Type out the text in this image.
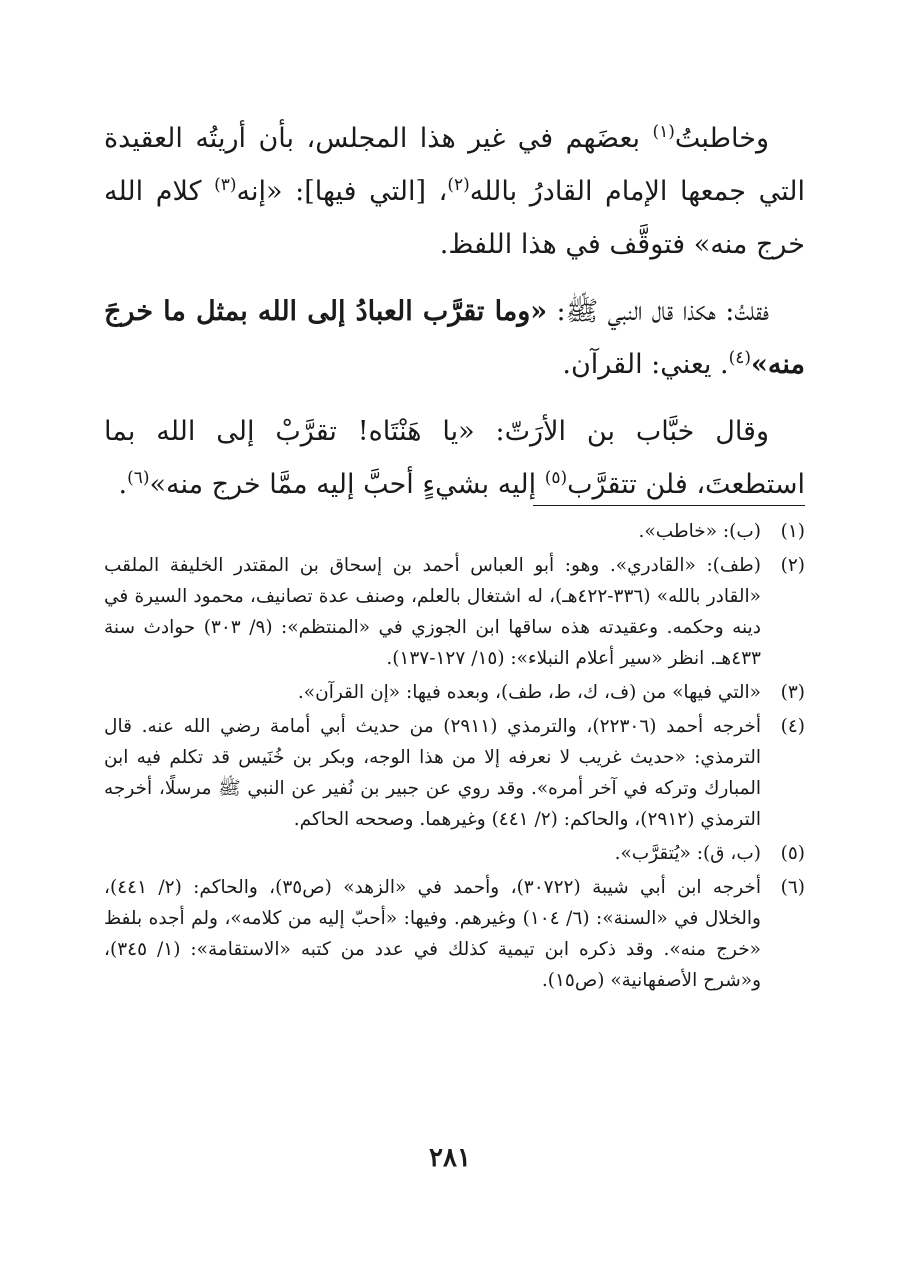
وخاطبتُ$^{(١)}$ بعضَهم في غير هذا المجلس، بأن أريتُه العقيدة التي جمعها الإمام القادرُ بالله$^{(٢)}$، [التي فيها]: «إنه$^{(٣)}$ كلام الله خرج منه» فتوقَّف في هذا اللفظ.

فقلتُ: هكذا قال النبي ﷺ: «وما تقرَّب العبادُ إلى الله بمثل ما خرجَ منه»$^{(٤)}$. يعني: القرآن.

وقال خبَّاب بن الأرَتّ: «يا هَنْتَاه! تقرَّبْ إلى الله بما استطعتَ، فلن تتقرَّب$^{(٥)}$ إليه بشيءٍ أحبَّ إليه ممَّا خرج منه»$^{(٦)}$.

(١)
(ب): «خاطب».
(٢)
(طف): «القادري». وهو: أبو العباس أحمد بن إسحاق بن المقتدر الخليفة الملقب «القادر بالله» (٣٣٦-٤٢٢هـ)، له اشتغال بالعلم، وصنف عدة تصانيف، محمود السيرة في دينه وحكمه. وعقيدته هذه ساقها ابن الجوزي في «المنتظم»: (٩/ ٣٠٣) حوادث سنة ٤٣٣هـ. انظر «سير أعلام النبلاء»: (١٥/ ١٢٧-١٣٧).
(٣)
«التي فيها» من (ف، ك، ط، طف)، وبعده فيها: «إن القرآن».
(٤)
أخرجه أحمد (٢٢٣٠٦)، والترمذي (٢٩١١) من حديث أبي أمامة رضي الله عنه. قال الترمذي: «حديث غريب لا نعرفه إلا من هذا الوجه، وبكر بن خُنَيس قد تكلم فيه ابن المبارك وتركه في آخر أمره». وقد روي عن جبير بن نُفير عن النبي ﷺ مرسلًا، أخرجه الترمذي (٢٩١٢)، والحاكم: (٢/ ٤٤١) وغيرهما. وصححه الحاكم.
(٥)
(ب، ق): «يُتقرَّب».
(٦)
أخرجه ابن أبي شيبة (٣٠٧٢٢)، وأحمد في «الزهد» (ص٣٥)، والحاكم: (٢/ ٤٤١)، والخلال في «السنة»: (٦/ ١٠٤) وغيرهم. وفيها: «أحبّ إليه من كلامه»، ولم أجده بلفظ «خرج منه». وقد ذكره ابن تيمية كذلك في عدد من كتبه «الاستقامة»: (١/ ٣٤٥)، و«شرح الأصفهانية» (ص١٥).
٢٨١
